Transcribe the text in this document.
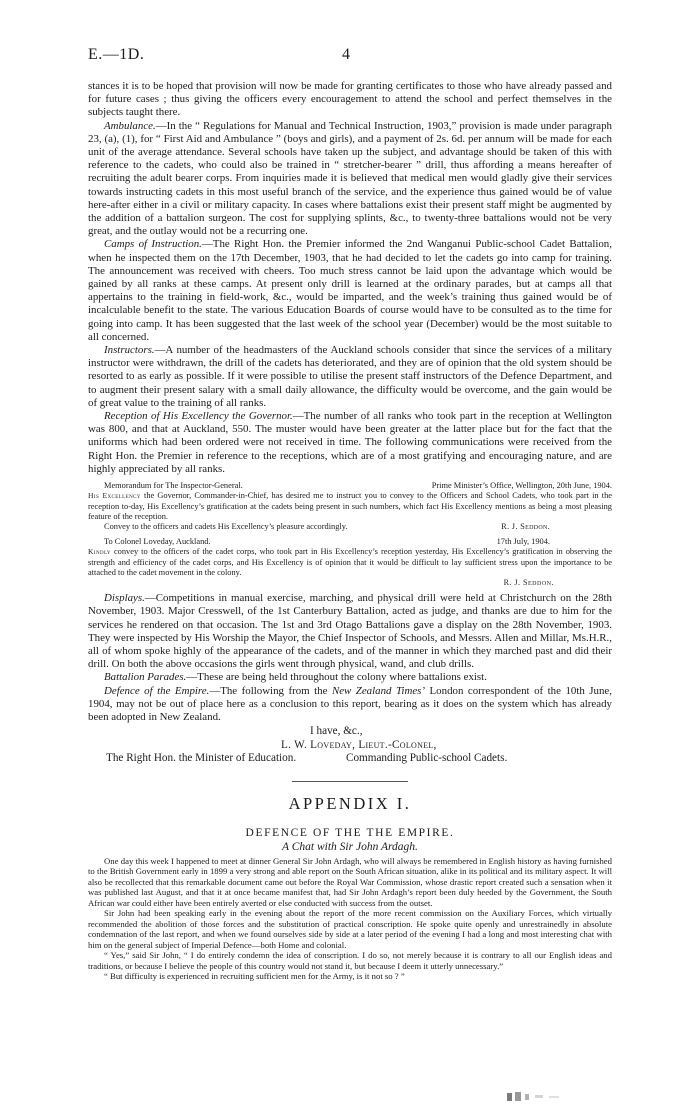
E.—1D.	4

stances it is to be hoped that provision will now be made for granting certificates to those who have already passed and for future cases ; thus giving the officers every encouragement to attend the school and perfect themselves in the subjects taught there.

Ambulance.—In the “ Regulations for Manual and Technical Instruction, 1903,” provision is made under paragraph 23, (a), (1), for “ First Aid and Ambulance ” (boys and girls), and a payment of 2s. 6d. per annum will be made for each unit of the average attendance. Several schools have taken up the subject, and advantage should be taken of this with reference to the cadets, who could also be trained in “ stretcher-bearer ” drill, thus affording a means hereafter of recruiting the adult bearer corps. From inquiries made it is believed that medical men would gladly give their services towards instructing cadets in this most useful branch of the service, and the experience thus gained would be of value here-after either in a civil or military capacity. In cases where battalions exist their present staff might be augmented by the addition of a battalion surgeon. The cost for supplying splints, &c., to twenty-three battalions would not be very great, and the outlay would not be a recurring one.

Camps of Instruction.—The Right Hon. the Premier informed the 2nd Wanganui Public-school Cadet Battalion, when he inspected them on the 17th December, 1903, that he had decided to let the cadets go into camp for training. The announcement was received with cheers. Too much stress cannot be laid upon the advantage which would be gained by all ranks at these camps. At present only drill is learned at the ordinary parades, but at camps all that appertains to the training in field-work, &c., would be imparted, and the week’s training thus gained would be of incalculable benefit to the state. The various Education Boards of course would have to be consulted as to the time for going into camp. It has been suggested that the last week of the school year (December) would be the most suitable to all concerned.

Instructors.—A number of the headmasters of the Auckland schools consider that since the services of a military instructor were withdrawn, the drill of the cadets has deteriorated, and they are of opinion that the old system should be resorted to as early as possible. If it were possible to utilise the present staff instructors of the Defence Department, and to augment their present salary with a small daily allowance, the difficulty would be overcome, and the gain would be of great value to the training of all ranks.

Reception of His Excellency the Governor.—The number of all ranks who took part in the reception at Wellington was 800, and that at Auckland, 550. The muster would have been greater at the latter place but for the fact that the uniforms which had been ordered were not received in time. The following communications were received from the Right Hon. the Premier in reference to the receptions, which are of a most gratifying and encouraging nature, and are highly appreciated by all ranks.

Memorandum for The Inspector-General.	Prime Minister’s Office, Wellington, 20th June, 1904.

His Excellency the Governor, Commander-in-Chief, has desired me to instruct you to convey to the Officers and School Cadets, who took part in the reception to-day, His Excellency’s gratification at the cadets being present in such numbers, which fact His Excellency mentions as being a most pleasing feature of the reception.

Convey to the officers and cadets His Excellency’s pleasure accordingly.	R. J. Seddon.
To Colonel Loveday, Auckland.	17th July, 1904.

Kindly convey to the officers of the cadet corps, who took part in His Excellency’s reception yesterday, His Excellency’s gratification in observing the strength and efficiency of the cadet corps, and His Excellency is of opinion that it would be difficult to lay sufficient stress upon the importance to be attached to the cadet movement in the colony.

R. J. Seddon.

Displays.—Competitions in manual exercise, marching, and physical drill were held at Christchurch on the 28th November, 1903. Major Cresswell, of the 1st Canterbury Battalion, acted as judge, and thanks are due to him for the services he rendered on that occasion. The 1st and 3rd Otago Battalions gave a display on the 28th November, 1903. They were inspected by His Worship the Mayor, the Chief Inspector of Schools, and Messrs. Allen and Millar, Ms.H.R., all of whom spoke highly of the appearance of the cadets, and of the manner in which they marched past and did their drill. On both the above occasions the girls went through physical, wand, and club drills.

Battalion Parades.—These are being held throughout the colony where battalions exist.

Defence of the Empire.—The following from the New Zealand Times’ London correspondent of the 10th June, 1904, may not be out of place here as a conclusion to this report, bearing as it does on the system which has already been adopted in New Zealand.

I have, &c.,
L. W. Loveday, Lieut.-Colonel,
The Right Hon. the Minister of Education.	Commanding Public-school Cadets.
APPENDIX I.
DEFENCE OF THE THE EMPIRE.
A Chat with Sir John Ardagh.

One day this week I happened to meet at dinner General Sir John Ardagh, who will always be remembered in English history as having furnished to the British Government early in 1899 a very strong and able report on the South African situation, alike in its political and its military aspect. It will also be recollected that this remarkable document came out before the Royal War Commission, whose drastic report created such a sensation when it was published last August, and that it at once became manifest that, had Sir John Ardagh’s report been duly heeded by the Government, the South African war could either have been entirely averted or else conducted with success from the outset.

Sir John had been speaking early in the evening about the report of the more recent commission on the Auxiliary Forces, which virtually recommended the abolition of those forces and the substitution of practical conscription. He spoke quite openly and unrestrainedly in absolute condemnation of the last report, and when we found ourselves side by side at a later period of the evening I had a long and most interesting chat with him on the general subject of Imperial Defence—both Home and colonial.

“ Yes,” said Sir John, “ I do entirely condemn the idea of conscription. I do so, not merely because it is contrary to all our English ideas and traditions, or because I believe the people of this country would not stand it, but because I deem it utterly unnecessary.”

“ But difficulty is experienced in recruiting sufficient men for the Army, is it not so ? ”
